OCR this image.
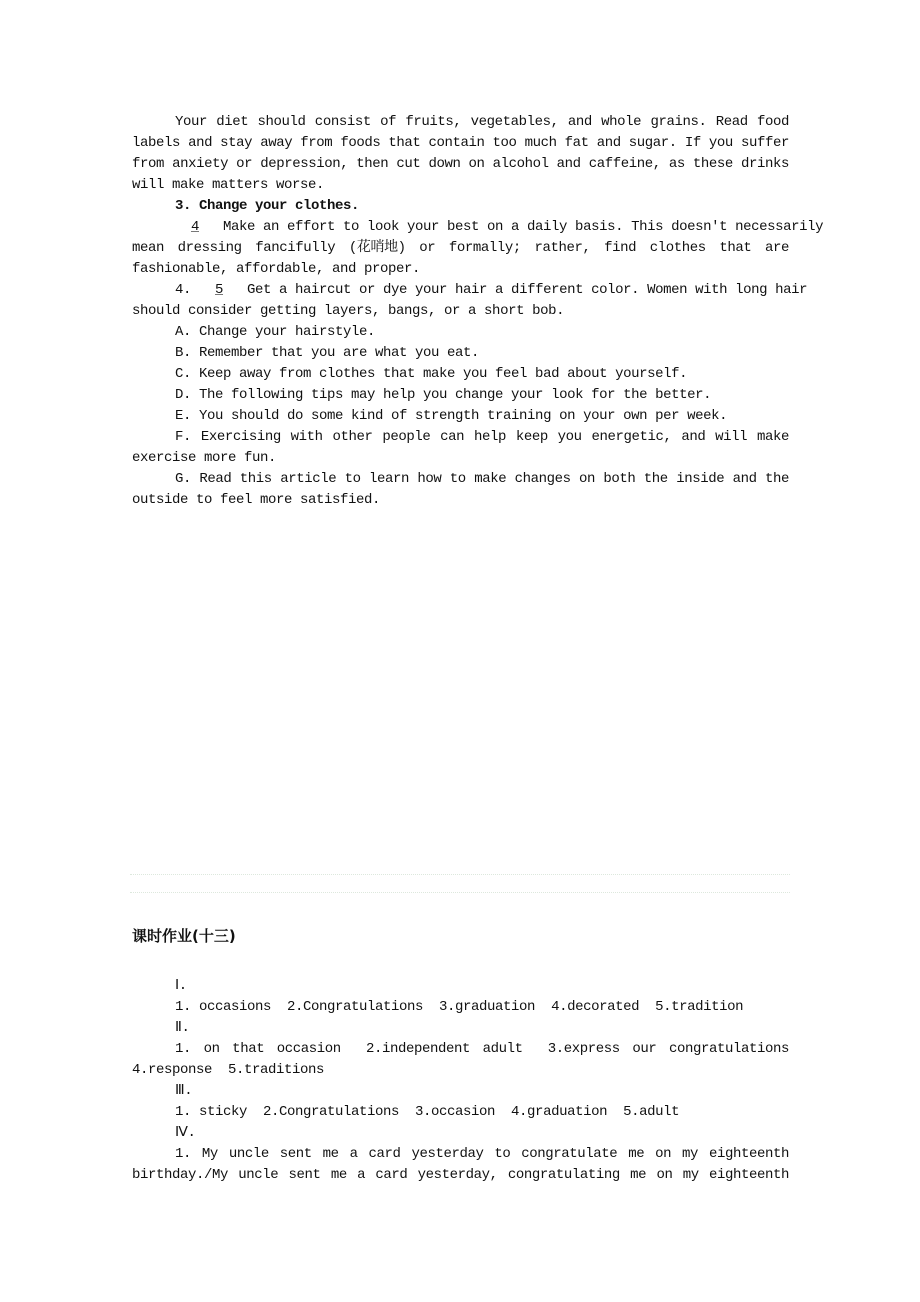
课时作业(十三)
Your diet should consist of fruits, vegetables, and whole grains. Read food
labels and stay away from foods that contain too much fat and sugar. If you suffer
from anxiety or depression, then cut down on alcohol and caffeine, as these drinks
will make matters worse.
3. Change your clothes.
4 Make an effort to look your best on a daily basis. This doesn't necessarily
mean dressing fancifully (花哨地) or formally; rather, find clothes that are
fashionable, affordable, and proper.
4. 5 Get a haircut or dye your hair a different color. Women with long hair
should consider getting layers, bangs, or a short bob.
A. Change your hairstyle.
B. Remember that you are what you eat.
C. Keep away from clothes that make you feel bad about yourself.
D. The following tips may help you change your look for the better.
E. You should do some kind of strength training on your own per week.
F. Exercising with other people can help keep you energetic, and will make
exercise more fun.
G. Read this article to learn how to make changes on both the inside and the
outside to feel more satisfied.
Ⅰ.
1. occasions  2.Congratulations  3.graduation  4.decorated  5.tradition
Ⅱ.
1. on that occasion  2.independent adult  3.express our congratulations
4.response  5.traditions
Ⅲ.
1. sticky  2.Congratulations  3.occasion  4.graduation  5.adult
Ⅳ.
1. My uncle sent me a card yesterday to congratulate me on my eighteenth
birthday./My uncle sent me a card yesterday, congratulating me on my eighteenth
